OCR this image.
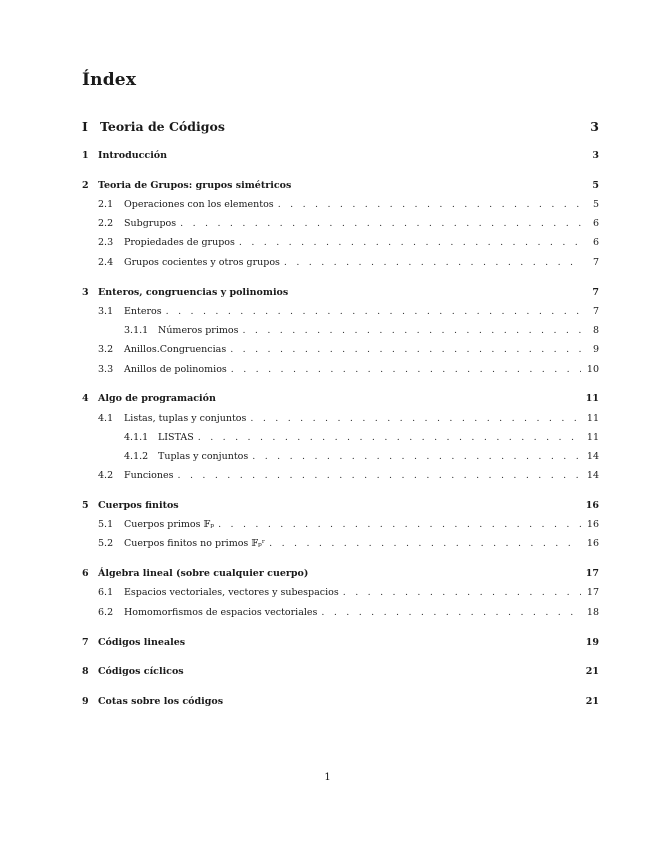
Índex
I Teoria de Códigos	3
1 Introducción	3
2 Teoria de Grupos: grupos simétricos	5
2.1	Operaciones con los elementos . . .	5
2.2	Subgrupos . . .	6
2.3	Propiedades de grupos . . .	6
2.4	Grupos cocientes y otros grupos . . .	7
3 Enteros, congruencias y polinomios	7
3.1	Enteros . . .	7
3.1.1	Números primos . . .	8
3.2	Anillos.Congruencias . . .	9
3.3	Anillos de polinomios . . .	10
4 Algo de programación	11
4.1	Listas, tuplas y conjuntos . . .	11
4.1.1	LISTAS . . .	11
4.1.2	Tuplas y conjuntos . . .	14
4.2	Funciones . . .	14
5 Cuerpos finitos	16
5.1	Cuerpos primos 𝔽ₚ . . .	16
5.2	Cuerpos finitos no primos 𝔽ₚʳ . . .	16
6 Álgebra lineal (sobre cualquier cuerpo)	17
6.1	Espacios vectoriales, vectores y subespacios . . .	17
6.2	Homomorfismos de espacios vectoriales . . .	18
7 Códigos lineales	19
8 Códigos cíclicos	21
9 Cotas sobre los códigos	21
1
